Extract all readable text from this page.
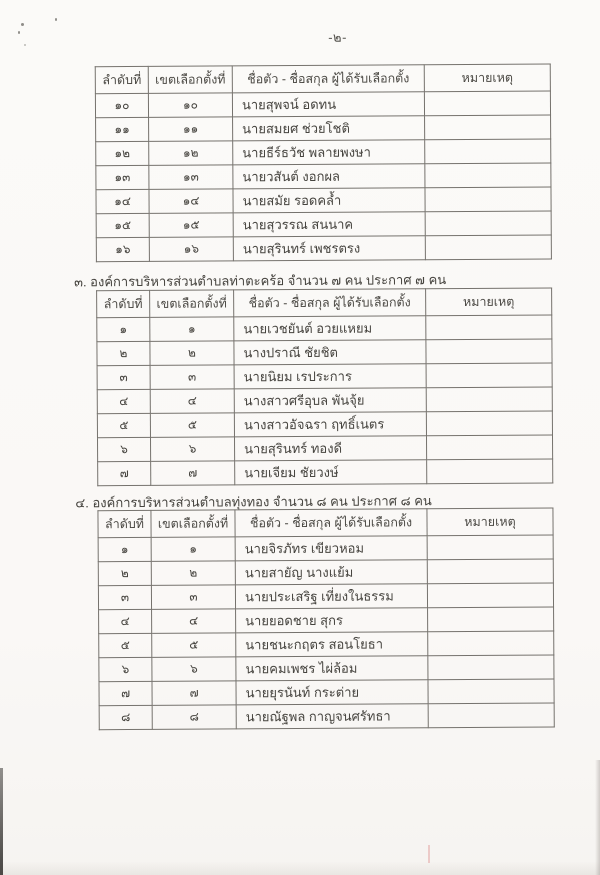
-๒-
ลำดับที่	เขตเลือกตั้งที่	ชื่อตัว - ชื่อสกุล ผู้ได้รับเลือกตั้ง	หมายเหตุ
๑๐	๑๐	นายสุพจน์ อดทน	
๑๑	๑๑	นายสมยศ ช่วยโชติ	
๑๒	๑๒	นายธีร์ธวัช พลายพงษา	
๑๓	๑๓	นายวสันต์ งอกผล	
๑๔	๑๔	นายสมัย รอดคล้ำ	
๑๕	๑๕	นายสุวรรณ สนนาค	
๑๖	๑๖	นายสุรินทร์ เพชรตรง	
๓. องค์การบริหารส่วนตำบลท่าตะคร้อ จำนวน ๗ คน ประกาศ ๗ คน
ลำดับที่	เขตเลือกตั้งที่	ชื่อตัว - ชื่อสกุล ผู้ได้รับเลือกตั้ง	หมายเหตุ
๑	๑	นายเวชยันต์ อวยแหยม	
๒	๒	นางปราณี ชัยชิต	
๓	๓	นายนิยม เรประการ	
๔	๔	นางสาวศรีอุบล พันจุ้ย	
๕	๕	นางสาวอัจฉรา ฤทธิ์เนตร	
๖	๖	นายสุรินทร์ ทองดี	
๗	๗	นายเจียม ชัยวงษ์	
๔. องค์การบริหารส่วนตำบลทุ่งทอง จำนวน ๘ คน ประกาศ ๘ คน
ลำดับที่	เขตเลือกตั้งที่	ชื่อตัว - ชื่อสกุล ผู้ได้รับเลือกตั้ง	หมายเหตุ
๑	๑	นายจิรภัทร เขียวหอม	
๒	๒	นายสายัญ นางแย้ม	
๓	๓	นายประเสริฐ เที่ยงในธรรม	
๔	๔	นายยอดชาย สุกร	
๕	๕	นายชนะกฤตร สอนโยธา	
๖	๖	นายคมเพชร ไผ่ล้อม	
๗	๗	นายยุรนันท์ กระต่าย	
๘	๘	นายณัฐพล กาญจนศรัทธา	
